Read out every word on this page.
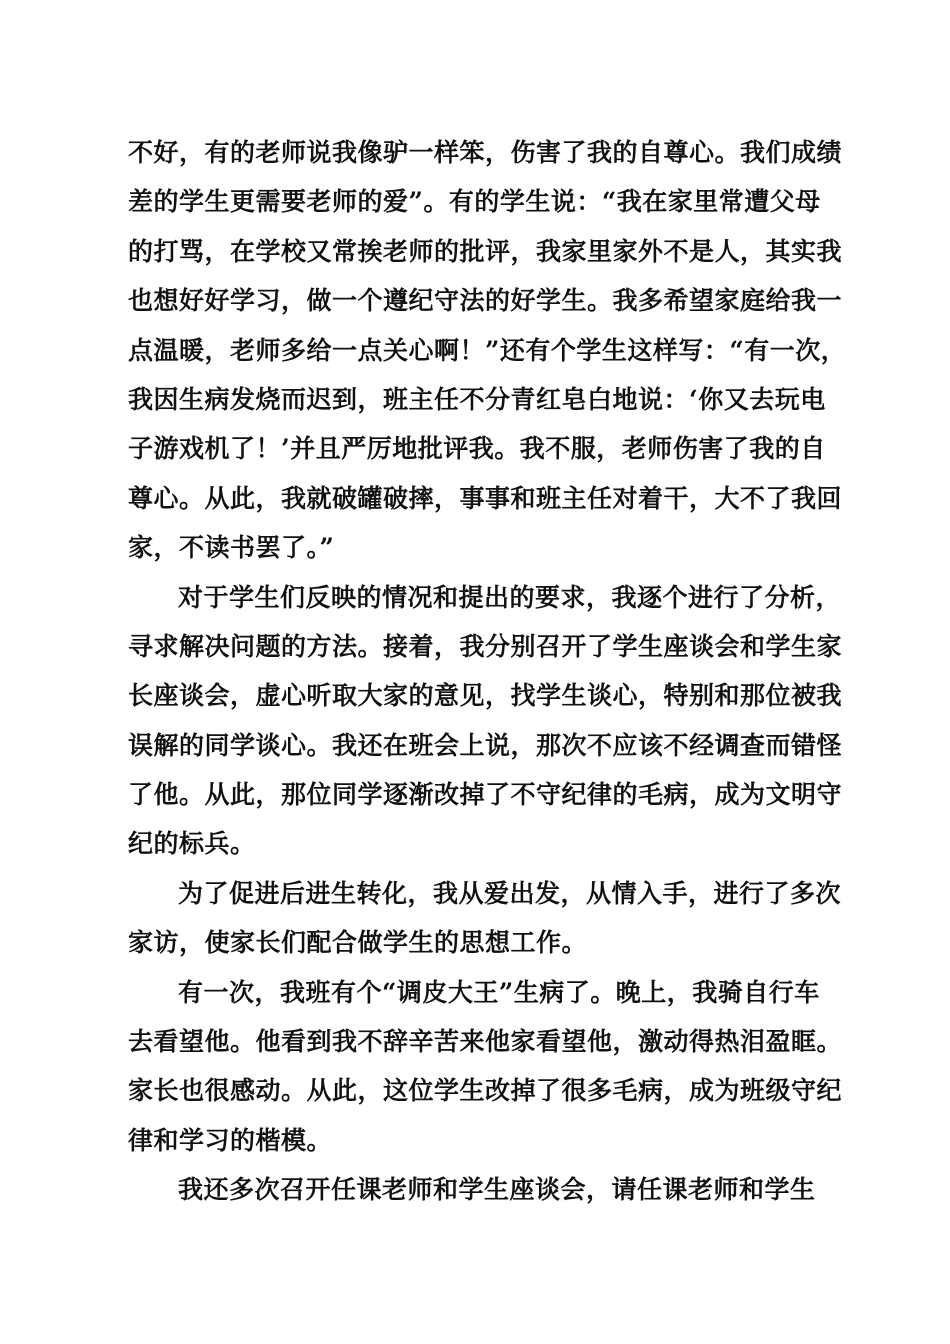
不好，有的老师说我像驴一样笨，伤害了我的自尊心。我们成绩
差的学生更需要老师的爱”。有的学生说：“我在家里常遭父母
的打骂，在学校又常挨老师的批评，我家里家外不是人，其实我
也想好好学习，做一个遵纪守法的好学生。我多希望家庭给我一
点温暖，老师多给一点关心啊！”还有个学生这样写：“有一次，
我因生病发烧而迟到，班主任不分青红皂白地说：‘你又去玩电
子游戏机了！’并且严厉地批评我。我不服，老师伤害了我的自
尊心。从此，我就破罐破摔，事事和班主任对着干，大不了我回
家，不读书罢了。”
对于学生们反映的情况和提出的要求，我逐个进行了分析，
寻求解决问题的方法。接着，我分别召开了学生座谈会和学生家
长座谈会，虚心听取大家的意见，找学生谈心，特别和那位被我
误解的同学谈心。我还在班会上说，那次不应该不经调查而错怪
了他。从此，那位同学逐渐改掉了不守纪律的毛病，成为文明守
纪的标兵。
为了促进后进生转化，我从爱出发，从情入手，进行了多次
家访，使家长们配合做学生的思想工作。
有一次，我班有个“调皮大王”生病了。晚上，我骑自行车
去看望他。他看到我不辞辛苦来他家看望他，激动得热泪盈眶。
家长也很感动。从此，这位学生改掉了很多毛病，成为班级守纪
律和学习的楷模。
我还多次召开任课老师和学生座谈会，请任课老师和学生
